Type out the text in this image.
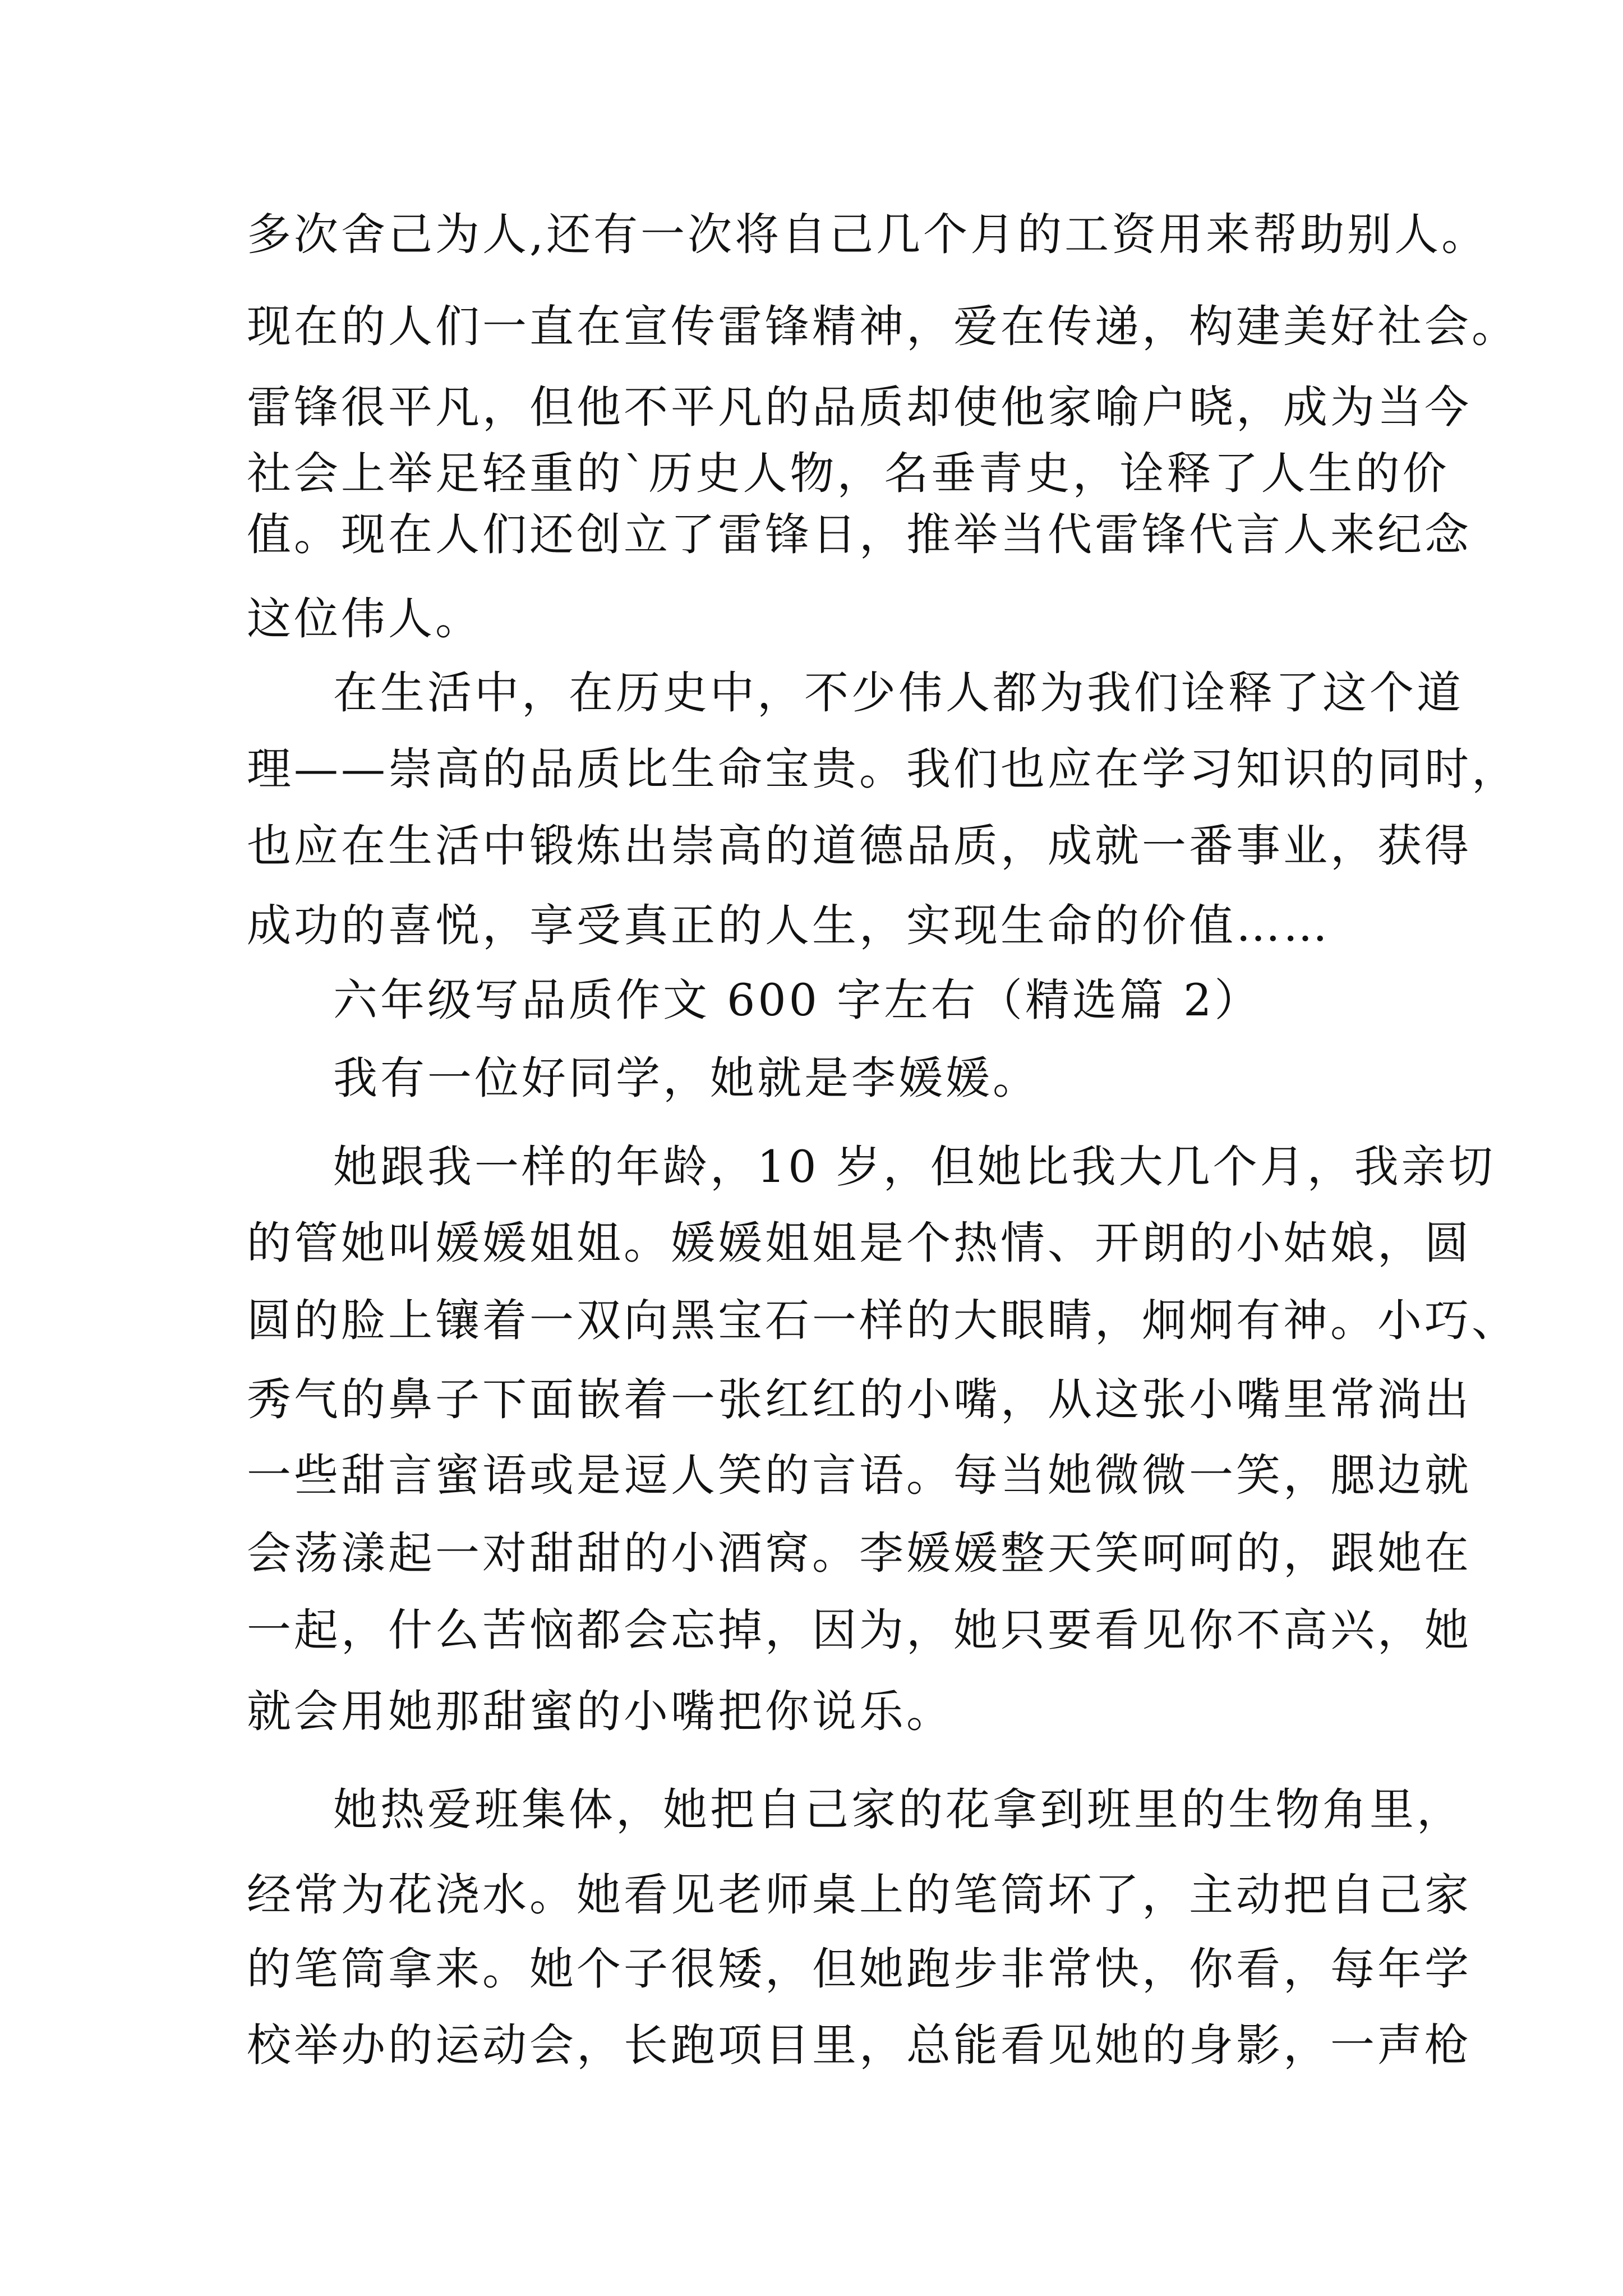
多次舍己为人,还有一次将自己几个月的工资用来帮助别人。
现在的人们一直在宣传雷锋精神，爱在传递，构建美好社会。
雷锋很平凡，但他不平凡的品质却使他家喻户晓，成为当今
社会上举足轻重的`历史人物，名垂青史，诠释了人生的价
值。现在人们还创立了雷锋日，推举当代雷锋代言人来纪念
这位伟人。
在生活中，在历史中，不少伟人都为我们诠释了这个道
理——崇高的品质比生命宝贵。我们也应在学习知识的同时，
也应在生活中锻炼出崇高的道德品质，成就一番事业，获得
成功的喜悦，享受真正的人生，实现生命的价值……
六年级写品质作文 600 字左右（精选篇 2）
我有一位好同学，她就是李媛媛。
她跟我一样的年龄，10 岁，但她比我大几个月，我亲切
的管她叫媛媛姐姐。媛媛姐姐是个热情、开朗的小姑娘，圆
圆的脸上镶着一双向黑宝石一样的大眼睛，炯炯有神。小巧、
秀气的鼻子下面嵌着一张红红的小嘴，从这张小嘴里常淌出
一些甜言蜜语或是逗人笑的言语。每当她微微一笑，腮边就
会荡漾起一对甜甜的小酒窝。李媛媛整天笑呵呵的，跟她在
一起，什么苦恼都会忘掉，因为，她只要看见你不高兴，她
就会用她那甜蜜的小嘴把你说乐。
她热爱班集体，她把自己家的花拿到班里的生物角里，
经常为花浇水。她看见老师桌上的笔筒坏了，主动把自己家
的笔筒拿来。她个子很矮，但她跑步非常快，你看，每年学
校举办的运动会，长跑项目里，总能看见她的身影，一声枪
